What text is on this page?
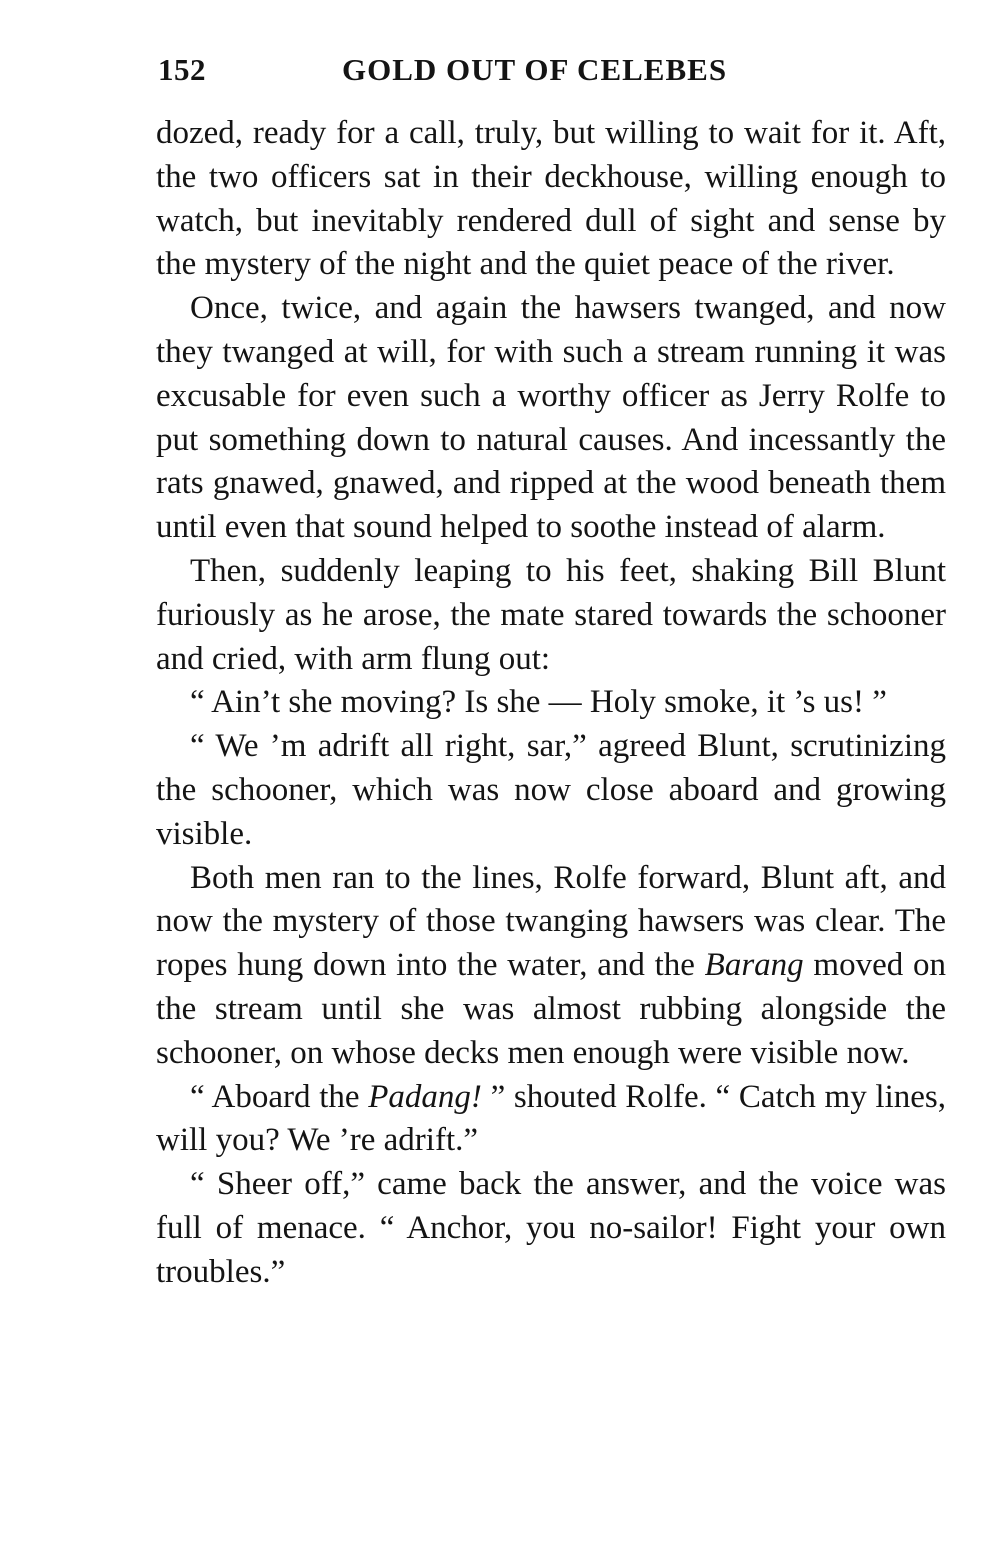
152	GOLD OUT OF CELEBES

dozed, ready for a call, truly, but willing to wait for it. Aft, the two officers sat in their deckhouse, willing enough to watch, but inevitably rendered dull of sight and sense by the mystery of the night and the quiet peace of the river.

Once, twice, and again the hawsers twanged, and now they twanged at will, for with such a stream running it was excusable for even such a worthy officer as Jerry Rolfe to put something down to natural causes. And incessantly the rats gnawed, gnawed, and ripped at the wood beneath them until even that sound helped to soothe instead of alarm.

Then, suddenly leaping to his feet, shaking Bill Blunt furiously as he arose, the mate stared towards the schooner and cried, with arm flung out:

“ Ain’t she moving? Is she — Holy smoke, it ’s us! ”

“ We ’m adrift all right, sar,” agreed Blunt, scrutinizing the schooner, which was now close aboard and growing visible.

Both men ran to the lines, Rolfe forward, Blunt aft, and now the mystery of those twanging hawsers was clear. The ropes hung down into the water, and the Barang moved on the stream until she was almost rubbing alongside the schooner, on whose decks men enough were visible now.

“ Aboard the Padang! ” shouted Rolfe. “ Catch my lines, will you? We ’re adrift.”

“ Sheer off,” came back the answer, and the voice was full of menace. “ Anchor, you no-sailor! Fight your own troubles.”
